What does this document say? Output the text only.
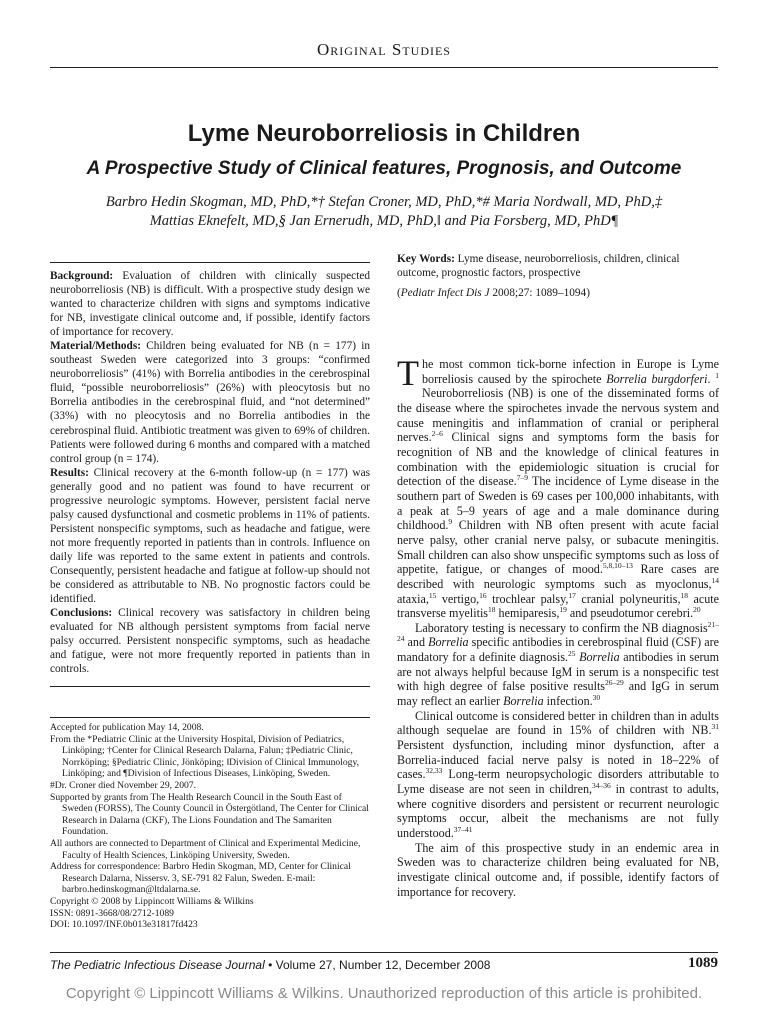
Original Studies
Lyme Neuroborreliosis in Children
A Prospective Study of Clinical features, Prognosis, and Outcome
Barbro Hedin Skogman, MD, PhD,*† Stefan Croner, MD, PhD,*# Maria Nordwall, MD, PhD,‡
Mattias Eknefelt, MD,§ Jan Ernerudh, MD, PhD,‖ and Pia Forsberg, MD, PhD¶

Background: Evaluation of children with clinically suspected neuroborreliosis (NB) is difficult. With a prospective study design we wanted to characterize children with signs and symptoms indicative for NB, investigate clinical outcome and, if possible, identify factors of importance for recovery.

Material/Methods: Children being evaluated for NB (n = 177) in southeast Sweden were categorized into 3 groups: “confirmed neuroborreliosis” (41%) with Borrelia antibodies in the cerebrospinal fluid, “possible neuroborreliosis” (26%) with pleocytosis but no Borrelia antibodies in the cerebrospinal fluid, and “not determined” (33%) with no pleocytosis and no Borrelia antibodies in the cerebrospinal fluid. Antibiotic treatment was given to 69% of children. Patients were followed during 6 months and compared with a matched control group (n = 174).

Results: Clinical recovery at the 6-month follow-up (n = 177) was generally good and no patient was found to have recurrent or progressive neurologic symptoms. However, persistent facial nerve palsy caused dysfunctional and cosmetic problems in 11% of patients. Persistent nonspecific symptoms, such as headache and fatigue, were not more frequently reported in patients than in controls. Influence on daily life was reported to the same extent in patients and controls. Consequently, persistent headache and fatigue at follow-up should not be considered as attributable to NB. No prognostic factors could be identified.

Conclusions: Clinical recovery was satisfactory in children being evaluated for NB although persistent symptoms from facial nerve palsy occurred. Persistent nonspecific symptoms, such as headache and fatigue, were not more frequently reported in patients than in controls.

Key Words: Lyme disease, neuroborreliosis, children, clinical outcome, prognostic factors, prospective
(Pediatr Infect Dis J 2008;27: 1089–1094)
Accepted for publication May 14, 2008.
From the *Pediatric Clinic at the University Hospital, Division of Pediatrics, Linköping; †Center for Clinical Research Dalarna, Falun; ‡Pediatric Clinic, Norrköping; §Pediatric Clinic, Jönköping; ‖Division of Clinical Immunology, Linköping; and ¶Division of Infectious Diseases, Linköping, Sweden.
#Dr. Croner died November 29, 2007.
Supported by grants from The Health Research Council in the South East of Sweden (FORSS), The County Council in Östergötland, The Center for Clinical Research in Dalarna (CKF), The Lions Foundation and The Samariten Foundation.
All authors are connected to Department of Clinical and Experimental Medicine, Faculty of Health Sciences, Linköping University, Sweden.
Address for correspondence: Barbro Hedin Skogman, MD, Center for Clinical Research Dalarna, Nissersv. 3, SE-791 82 Falun, Sweden. E-mail: barbro.hedinskogman@ltdalarna.se.
Copyright © 2008 by Lippincott Williams & Wilkins
ISSN: 0891-3668/08/2712-1089
DOI: 10.1097/INF.0b013e31817fd423

The most common tick-borne infection in Europe is Lyme borreliosis caused by the spirochete Borrelia burgdorferi. $^1$ Neuroborreliosis (NB) is one of the disseminated forms of the disease where the spirochetes invade the nervous system and cause meningitis and inflammation of cranial or peripheral nerves.$^{2-6}$ Clinical signs and symptoms form the basis for recognition of NB and the knowledge of clinical features in combination with the epidemiologic situation is crucial for detection of the disease.$^{7-9}$ The incidence of Lyme disease in the southern part of Sweden is 69 cases per 100,000 inhabitants, with a peak at 5–9 years of age and a male dominance during childhood.$^9$ Children with NB often present with acute facial nerve palsy, other cranial nerve palsy, or subacute meningitis. Small children can also show unspecific symptoms such as loss of appetite, fatigue, or changes of mood.$^{5,8,10-13}$ Rare cases are described with neurologic symptoms such as myoclonus,$^{14}$ ataxia,$^{15}$ vertigo,$^{16}$ trochlear palsy,$^{17}$ cranial polyneuritis,$^{18}$ acute transverse myelitis$^{18}$ hemiparesis,$^{19}$ and pseudotumor cerebri.$^{20}$

Laboratory testing is necessary to confirm the NB diagnosis$^{21-24}$ and Borrelia specific antibodies in cerebrospinal fluid (CSF) are mandatory for a definite diagnosis.$^{25}$ Borrelia antibodies in serum are not always helpful because IgM in serum is a nonspecific test with high degree of false positive results$^{26-29}$ and IgG in serum may reflect an earlier Borrelia infection.$^{30}$

Clinical outcome is considered better in children than in adults although sequelae are found in 15% of children with NB.$^{31}$ Persistent dysfunction, including minor dysfunction, after a Borrelia-induced facial nerve palsy is noted in 18–22% of cases.$^{32,33}$ Long-term neuropsychologic disorders attributable to Lyme disease are not seen in children,$^{34-36}$ in contrast to adults, where cognitive disorders and persistent or recurrent neurologic symptoms occur, albeit the mechanisms are not fully understood.$^{37-41}$

The aim of this prospective study in an endemic area in Sweden was to characterize children being evaluated for NB, investigate clinical outcome and, if possible, identify factors of importance for recovery.

The Pediatric Infectious Disease Journal • Volume 27, Number 12, December 2008	1089
Copyright © Lippincott Williams & Wilkins. Unauthorized reproduction of this article is prohibited.
